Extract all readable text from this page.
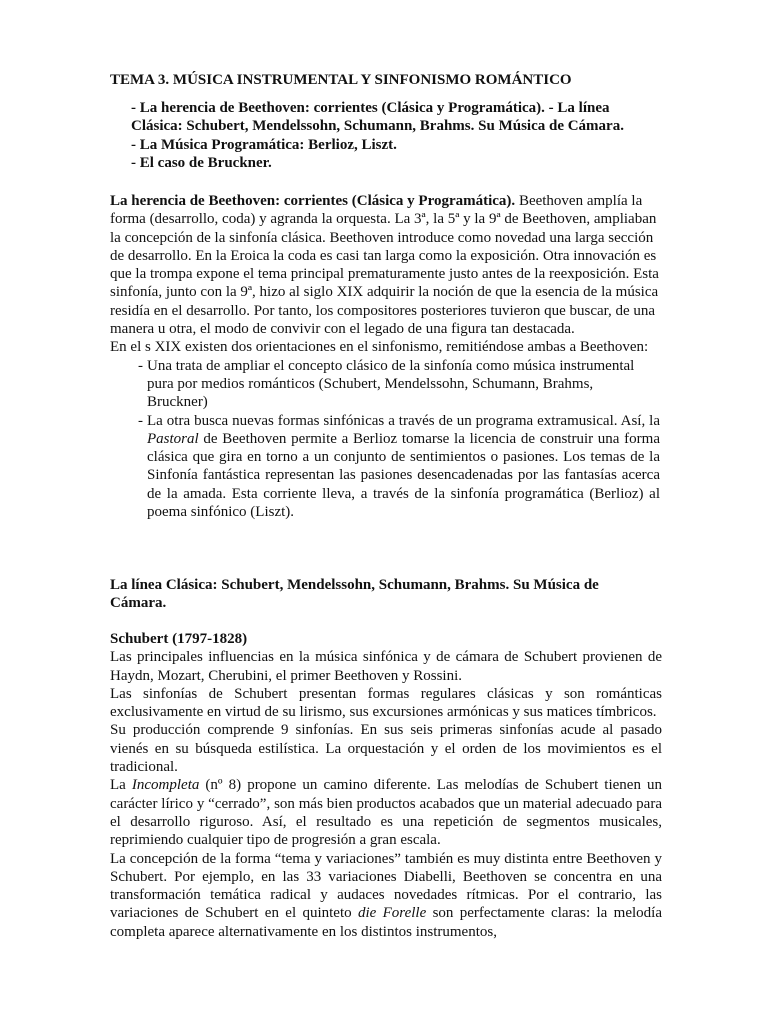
TEMA 3. MÚSICA INSTRUMENTAL Y SINFONISMO ROMÁNTICO
- La herencia de Beethoven: corrientes (Clásica y Programática). - La línea
Clásica: Schubert, Mendelssohn, Schumann, Brahms. Su Música de Cámara.
- La Música Programática: Berlioz, Liszt.
- El caso de Bruckner.

La herencia de Beethoven: corrientes (Clásica y Programática). Beethoven amplía la forma (desarrollo, coda) y agranda la orquesta. La 3ª, la 5ª y la 9ª de Beethoven, ampliaban la concepción de la sinfonía clásica. Beethoven introduce como novedad una larga sección de desarrollo. En la Eroica la coda es casi tan larga como la exposición. Otra innovación es que la trompa expone el tema principal prematuramente justo antes de la reexposición. Esta sinfonía, junto con la 9ª, hizo al siglo XIX adquirir la noción de que la esencia de la música residía en el desarrollo. Por tanto, los compositores posteriores tuvieron que buscar, de una manera u otra, el modo de convivir con el legado de una figura tan destacada.

En el s XIX existen dos orientaciones en el sinfonismo, remitiéndose ambas a Beethoven:

- Una trata de ampliar el concepto clásico de la sinfonía como música instrumental pura por medios románticos (Schubert, Mendelssohn, Schumann, Brahms, Bruckner)
- La otra busca nuevas formas sinfónicas a través de un programa extramusical. Así, la Pastoral de Beethoven permite a Berlioz tomarse la licencia de construir una forma clásica que gira en torno a un conjunto de sentimientos o pasiones. Los temas de la Sinfonía fantástica representan las pasiones desencadenadas por las fantasías acerca de la amada. Esta corriente lleva, a través de la sinfonía programática (Berlioz) al poema sinfónico (Liszt).
La línea Clásica: Schubert, Mendelssohn, Schumann, Brahms. Su Música de Cámara.

Schubert (1797-1828)

Las principales influencias en la música sinfónica y de cámara de Schubert provienen de Haydn, Mozart, Cherubini, el primer Beethoven y Rossini.

Las sinfonías de Schubert presentan formas regulares clásicas y son románticas exclusivamente en virtud de su lirismo, sus excursiones armónicas y sus matices tímbricos.

Su producción comprende 9 sinfonías. En sus seis primeras sinfonías acude al pasado vienés en su búsqueda estilística. La orquestación y el orden de los movimientos es el tradicional.

La Incompleta (nº 8) propone un camino diferente. Las melodías de Schubert tienen un carácter lírico y “cerrado”, son más bien productos acabados que un material adecuado para el desarrollo riguroso. Así, el resultado es una repetición de segmentos musicales, reprimiendo cualquier tipo de progresión a gran escala.

La concepción de la forma “tema y variaciones” también es muy distinta entre Beethoven y Schubert. Por ejemplo, en las 33 variaciones Diabelli, Beethoven se concentra en una transformación temática radical y audaces novedades rítmicas. Por el contrario, las variaciones de Schubert en el quinteto die Forelle son perfectamente claras: la melodía completa aparece alternativamente en los distintos instrumentos,
